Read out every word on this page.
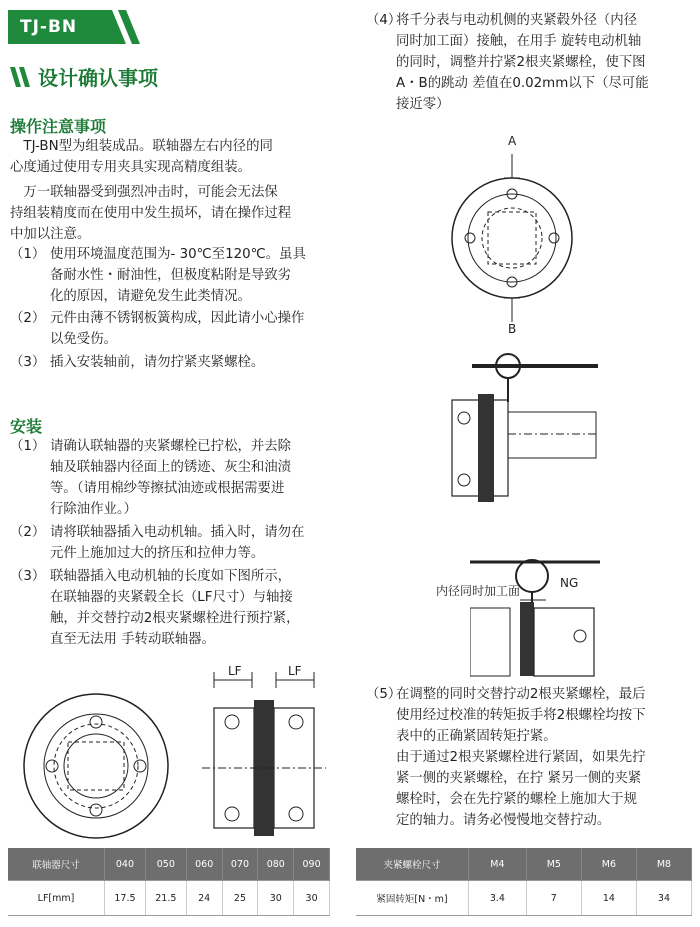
TJ-BN
设计确认事项
操作注意事项
　TJ-BN型为组装成品。联轴器左右内径的同
心度通过使用专用夹具实现高精度组装。
　万一联轴器受到强烈冲击时，可能会无法保
持组装精度而在使用中发生损坏，请在操作过程
中加以注意。
（1） 使用环境温度范围为- 30℃至120℃。虽具
备耐水性・耐油性，但极度粘附是导致劣
化的原因，请避免发生此类情况。
（2） 元件由薄不锈钢板簧构成，因此请小心操作
以免受伤。
（3） 插入安装轴前，请勿拧紧夹紧螺栓。
安装
（1） 请确认联轴器的夹紧螺栓已拧松，并去除
轴及联轴器内径面上的锈迹、灰尘和油渍
等。（请用棉纱等擦拭油迹或根据需要进
行除油作业。）
（2） 请将联轴器插入电动机轴。插入时，请勿在
元件上施加过大的挤压和拉伸力等。
（3） 联轴器插入电动机轴的长度如下图所示，
在联轴器的夹紧毂全长（LF尺寸）与轴接
触，并交替拧动2根夹紧螺栓进行预拧紧，
直至无法用 手转动联轴器。
（4）
将千分表与电动机侧的夹紧毂外径（内径
同时加工面）接触，在用手 旋转电动机轴
的同时，调整并拧紧2根夹紧螺栓，使下图
A・B的跳动 差值在0.02mm以下（尽可能
接近零）
（5）
在调整的同时交替拧动2根夹紧螺栓，最后
使用经过校准的转矩扳手将2根螺栓均按下
表中的正确紧固转矩拧紧。
由于通过2根夹紧螺栓进行紧固，如果先拧
紧一侧的夹紧螺栓，在拧 紧另一侧的夹紧
螺栓时，会在先拧紧的螺栓上施加大于规
定的轴力。请务必慢慢地交替拧动。
LF	LF
A
B
内径同时加工面
NG
联轴器尺寸	040	050	060	070	080	090
LF[mm]	17.5	21.5	24	25	30	30
夹紧螺栓尺寸	M4	M5	M6	M8
紧固转矩[N・m]	3.4	7	14	34
